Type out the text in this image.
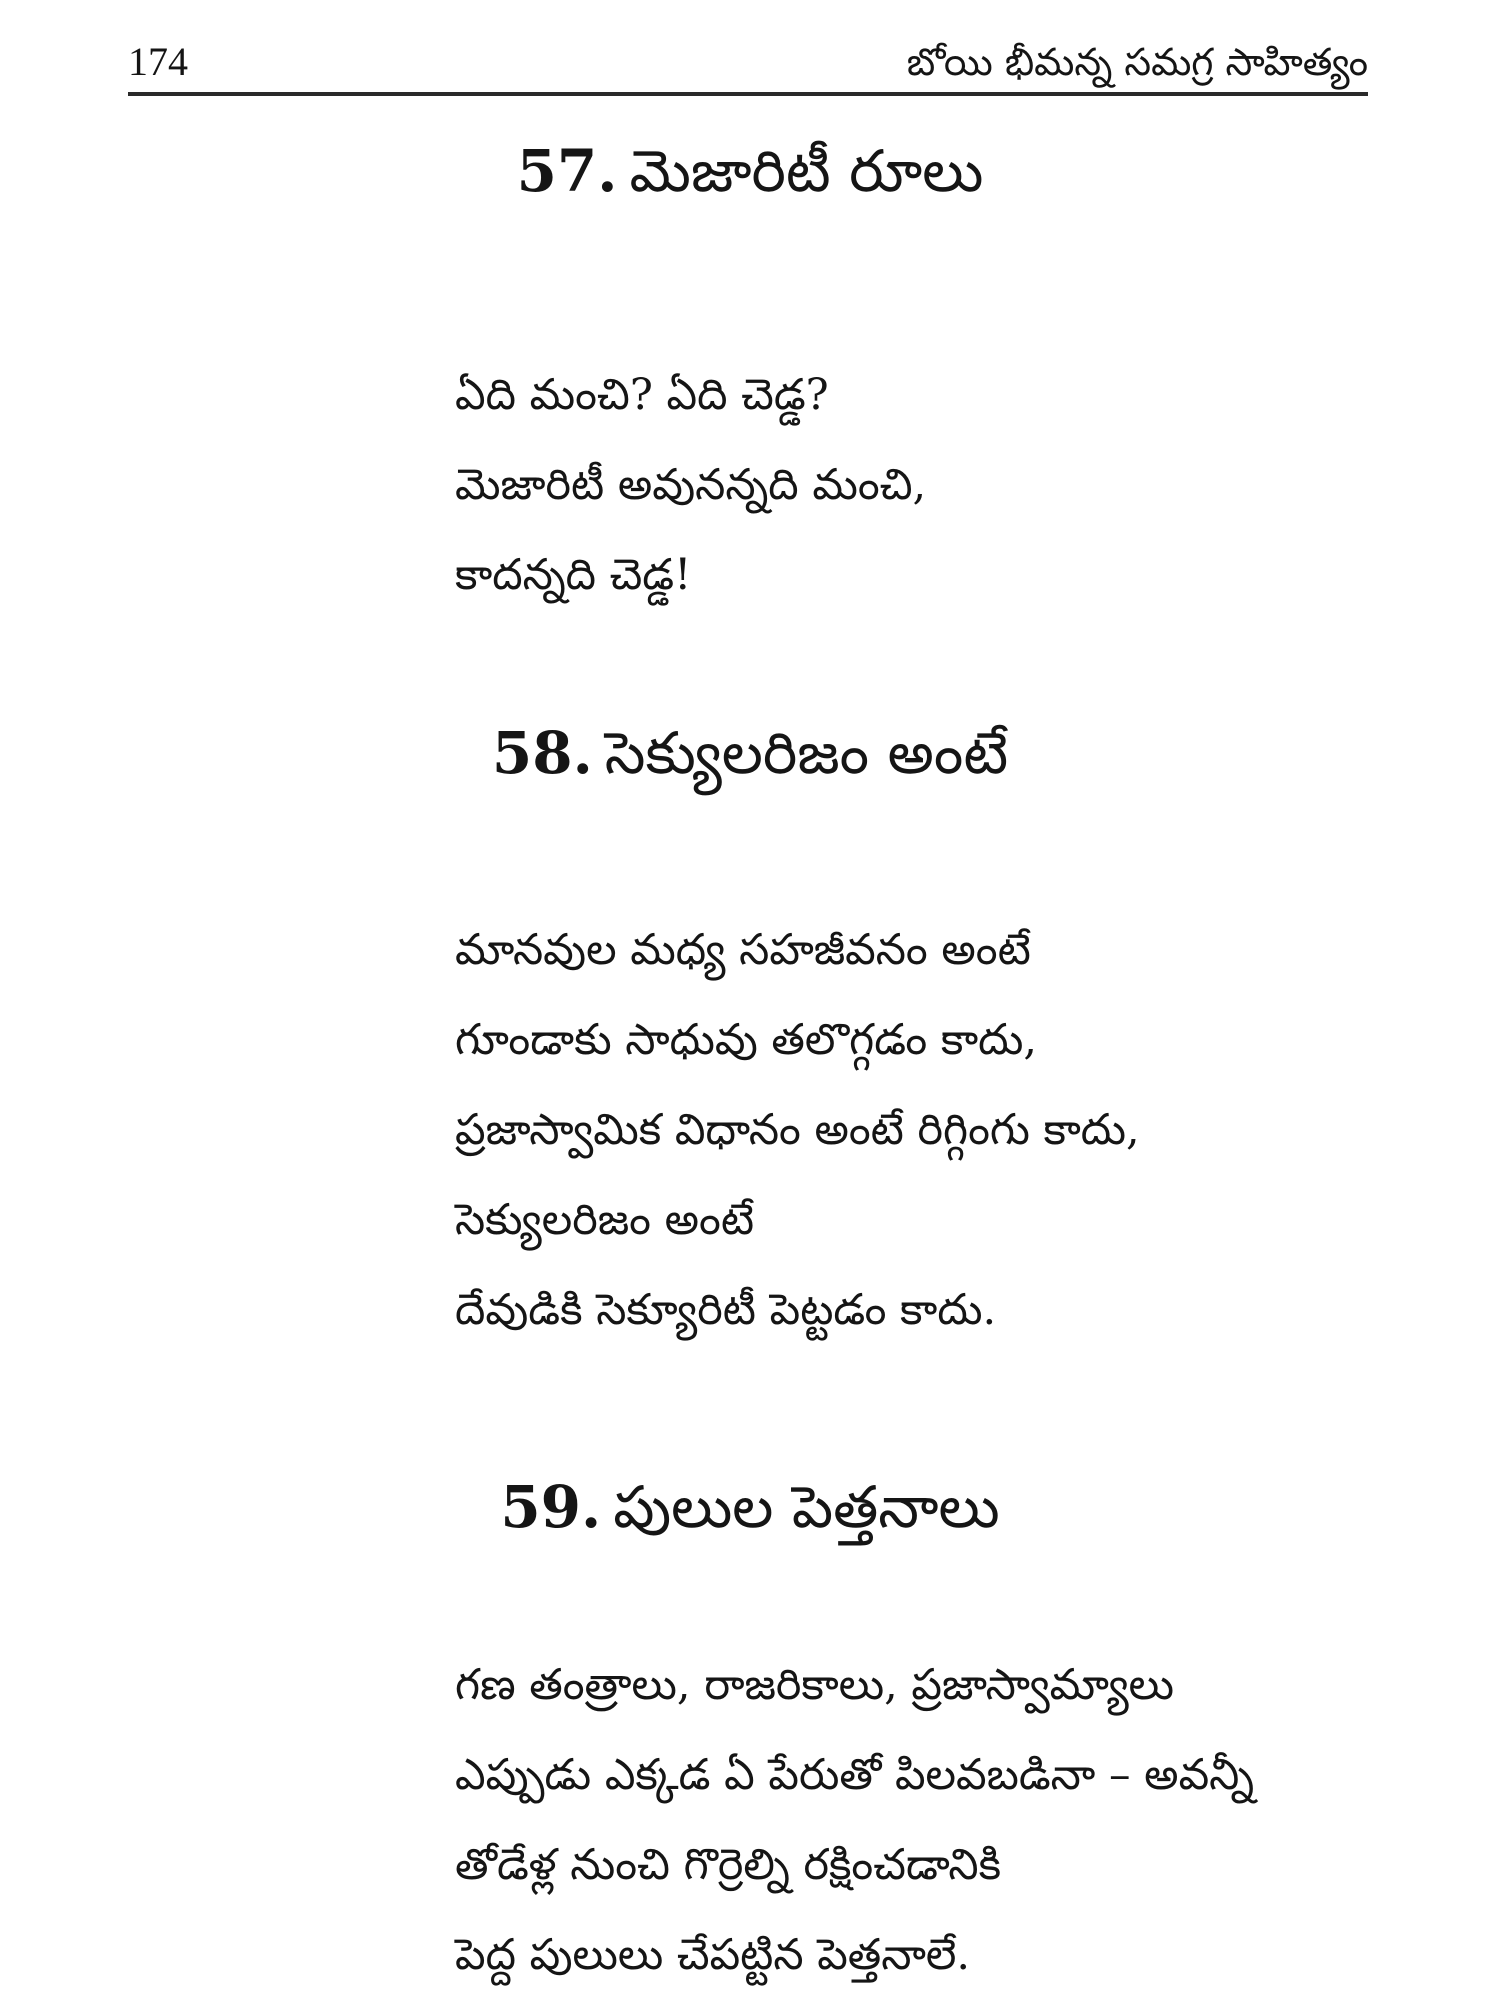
174	బోయి భీమన్న సమగ్ర సాహిత్యం
57. మెజారిటీ రూలు
ఏది మంచి? ఏది చెడ్డ?
మెజారిటీ అవునన్నది మంచి,
కాదన్నది చెడ్డ!
58. సెక్యులరిజం అంటే
మానవుల మధ్య సహజీవనం అంటే
గూండాకు సాధువు తలొగ్గడం కాదు,
ప్రజాస్వామిక విధానం అంటే రిగ్గింగు కాదు,
సెక్యులరిజం అంటే
దేవుడికి సెక్యూరిటీ పెట్టడం కాదు.
59. పులుల పెత్తనాలు
గణ తంత్రాలు, రాజరికాలు, ప్రజాస్వామ్యాలు
ఎప్పుడు ఎక్కడ ఏ పేరుతో పిలవబడినా – అవన్నీ
తోడేళ్ల నుంచి గొర్రెల్ని రక్షించడానికి
పెద్ద పులులు చేపట్టిన పెత్తనాలే.
